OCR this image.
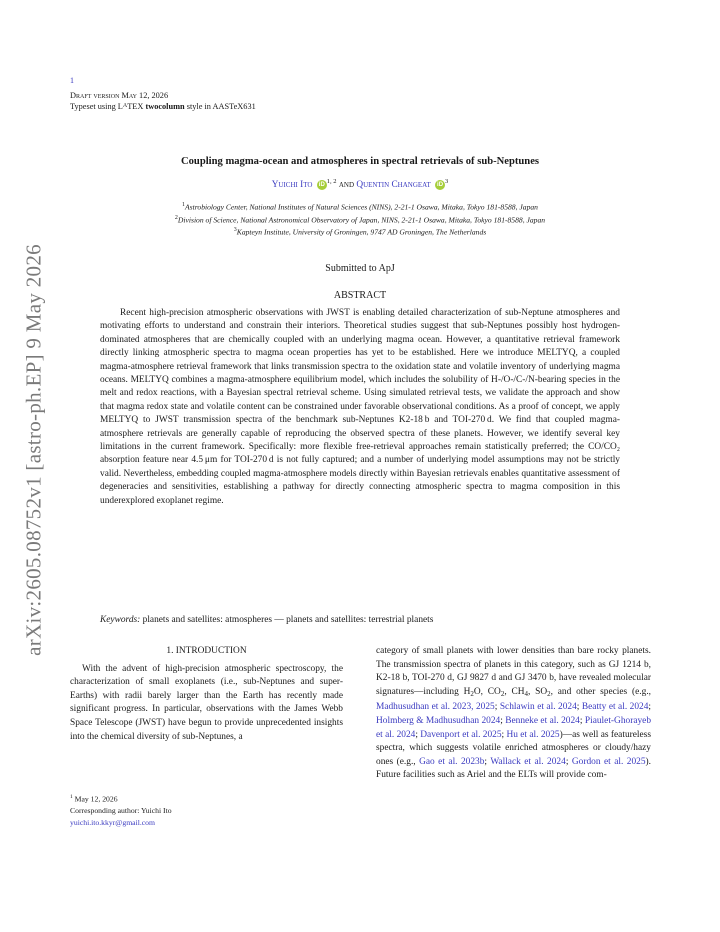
arXiv:2605.08752v1 [astro-ph.EP] 9 May 2026
1
Draft version May 12, 2026
Typeset using $L^ATEX$ twocolumn style in AASTeX631
Coupling magma-ocean and atmospheres in spectral retrievals of sub-Neptunes
Yuichi Ito iD$^{1, 2}$ and Quentin Changeat $iD^3$
$^1$Astrobiology Center, National Institutes of Natural Sciences (NINS), 2-21-1 Osawa, Mitaka, Tokyo 181-8588, Japan
$^2$Division of Science, National Astronomical Observatory of Japan, NINS, 2-21-1 Osawa, Mitaka, Tokyo 181-8588, Japan
$^3$Kapteyn Institute, University of Groningen, 9747 AD Groningen, The Netherlands
Submitted to ApJ
ABSTRACT

Recent high-precision atmospheric observations with JWST is enabling detailed characterization of sub-Neptune atmospheres and motivating efforts to understand and constrain their interiors. Theoretical studies suggest that sub-Neptunes possibly host hydrogen-dominated atmospheres that are chemically coupled with an underlying magma ocean. However, a quantitative retrieval framework directly linking atmospheric spectra to magma ocean properties has yet to be established. Here we introduce MELTYQ, a coupled magma-atmosphere retrieval framework that links transmission spectra to the oxidation state and volatile inventory of underlying magma oceans. MELTYQ combines a magma-atmosphere equilibrium model, which includes the solubility of H-/O-/C-/N-bearing species in the melt and redox reactions, with a Bayesian spectral retrieval scheme. Using simulated retrieval tests, we validate the approach and show that magma redox state and volatile content can be constrained under favorable observational conditions. As a proof of concept, we apply MELTYQ to JWST transmission spectra of the benchmark sub-Neptunes K2-18 b and TOI-270 d. We find that coupled magma-atmosphere retrievals are generally capable of reproducing the observed spectra of these planets. However, we identify several key limitations in the current framework. Specifically: more flexible free-retrieval approaches remain statistically preferred; the CO/CO₂ absorption feature near 4.5 μm for TOI-270 d is not fully captured; and a number of underlying model assumptions may not be strictly valid. Nevertheless, embedding coupled magma-atmosphere models directly within Bayesian retrievals enables quantitative assessment of degeneracies and sensitivities, establishing a pathway for directly connecting atmospheric spectra to magma composition in this underexplored exoplanet regime.

Keywords: planets and satellites: atmospheres — planets and satellites: terrestrial planets
1. INTRODUCTION

With the advent of high-precision atmospheric spectroscopy, the characterization of small exoplanets (i.e., sub-Neptunes and super-Earths) with radii barely larger than the Earth has recently made significant progress. In particular, observations with the James Webb Space Telescope (JWST) have begun to provide unprecedented insights into the chemical diversity of sub-Neptunes, a

category of small planets with lower densities than bare rocky planets. The transmission spectra of planets in this category, such as GJ 1214 b, K2-18 b, TOI-270 d, GJ 9827 d and GJ 3470 b, have revealed molecular signatures—including $H_2O$, $CO_2$, $CH_4$, $SO_2$, and other species (e.g., Madhusudhan et al. 2023, 2025; Schlawin et al. 2024; Beatty et al. 2024; Holmberg & Madhusudhan 2024; Benneke et al. 2024; Piaulet-Ghorayeb et al. 2024; Davenport et al. 2025; Hu et al. 2025)—as well as featureless spectra, which suggests volatile enriched atmospheres or cloudy/hazy ones (e.g., Gao et al. 2023b; Wallack et al. 2024; Gordon et al. 2025). Future facilities such as Ariel and the ELTs will provide com-

$^1$ May 12, 2026
Corresponding author: Yuichi Ito
yuichi.ito.kkyr@gmail.com
